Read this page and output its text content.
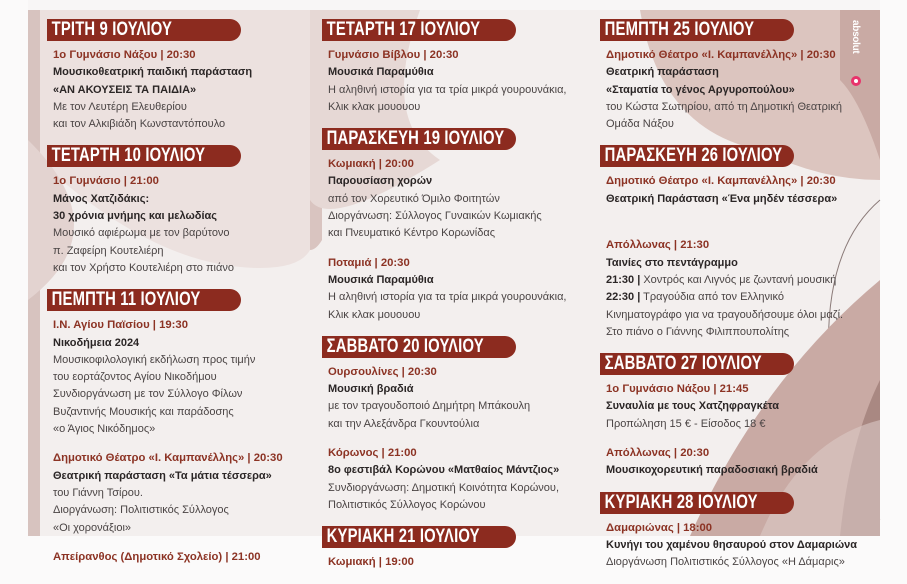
absolut
ΤΡΙΤΗ 9 ΙΟΥΛΙΟΥ
1ο Γυμνάσιο Νάξου | 20:30
Μουσικοθεατρική παιδική παράσταση
«ΑΝ ΑΚΟΥΣΕΙΣ ΤΑ ΠΑΙΔΙΑ»
Με τον Λευτέρη Ελευθερίου
και τον Αλκιβιάδη Κωνσταντόπουλο
ΤΕΤΑΡΤΗ 10 ΙΟΥΛΙΟΥ
1ο Γυμνάσιο | 21:00
Μάνος Χατζιδάκις:
30 χρόνια μνήμης και μελωδίας
Μουσικό αφιέρωμα με τον βαρύτονο
π. Ζαφείρη Κουτελιέρη
και τον Χρήστο Κουτελιέρη στο πιάνο
ΠΕΜΠΤΗ 11 ΙΟΥΛΙΟΥ
Ι.Ν. Αγίου Παϊσίου | 19:30
Νικοδήμεια 2024
Μουσικοφιλολογική εκδήλωση προς τιμήν
του εορτάζοντος Αγίου Νικοδήμου
Συνδιοργάνωση με τον Σύλλογο Φίλων
Βυζαντινής Μουσικής και παράδοσης
«ο Άγιος Νικόδημος»
Δημοτικό Θέατρο «Ι. Καμπανέλλης» | 20:30
Θεατρική παράσταση «Τα μάτια τέσσερα»
του Γιάννη Τσίρου.
Διοργάνωση: Πολιτιστικός Σύλλογος
«Οι χορονάξιοι»
Απείρανθος (Δημοτικό Σχολείο) | 21:00
ΤΕΤΑΡΤΗ 17 ΙΟΥΛΙΟΥ
Γυμνάσιο Βίβλου | 20:30
Μουσικά Παραμύθια
Η αληθινή ιστορία για τα τρία μικρά γουρουνάκια,
Κλικ κλακ μουουου
ΠΑΡΑΣΚΕΥΗ 19 ΙΟΥΛΙΟΥ
Κωμιακή | 20:00
Παρουσίαση χορών
από τον Χορευτικό Όμιλο Φοιτητών
Διοργάνωση: Σύλλογος Γυναικών Κωμιακής
και Πνευματικό Κέντρο Κορωνίδας
Ποταμιά | 20:30
Μουσικά Παραμύθια
Η αληθινή ιστορία για τα τρία μικρά γουρουνάκια,
Κλικ κλακ μουουου
ΣΑΒΒΑΤΟ 20 ΙΟΥΛΙΟΥ
Ουρσουλίνες | 20:30
Μουσική βραδιά
με τον τραγουδοποιό Δημήτρη Μπάκουλη
και την Αλεξάνδρα Γκουντούλια
Κόρωνος | 21:00
8ο φεστιβάλ Κορώνου «Ματθαίος Μάντζιος»
Συνδιοργάνωση: Δημοτική Κοινότητα Κορώνου,
Πολιτιστικός Σύλλογος Κορώνου
ΚΥΡΙΑΚΗ 21 ΙΟΥΛΙΟΥ
Κωμιακή | 19:00
ΠΕΜΠΤΗ 25 ΙΟΥΛΙΟΥ
Δημοτικό Θέατρο «Ι. Καμπανέλλης» | 20:30
Θεατρική παράσταση
«Σταματία το γένος Αργυροπούλου»
του Κώστα Σωτηρίου, από τη Δημοτική Θεατρική
Ομάδα Νάξου
ΠΑΡΑΣΚΕΥΗ 26 ΙΟΥΛΙΟΥ
Δημοτικό Θέατρο «Ι. Καμπανέλλης» | 20:30
Θεατρική Παράσταση «Ένα μηδέν τέσσερα»

Απόλλωνας | 21:30
Ταινίες στο πεντάγραμμο
21:30 | Χοντρός και Λιγνός με ζωντανή μουσική
22:30 | Τραγούδια από τον Ελληνικό
Κινηματογράφο για να τραγουδήσουμε όλοι μαζί.
Στο πιάνο ο Γιάννης Φιλιππουπολίτης
ΣΑΒΒΑΤΟ 27 ΙΟΥΛΙΟΥ
1ο Γυμνάσιο Νάξου | 21:45
Συναυλία με τους Χατζηφραγκέτα
Προπώληση 15 € - Είσοδος 18 €
Απόλλωνας | 20:30
Μουσικοχορευτική παραδοσιακή βραδιά
ΚΥΡΙΑΚΗ 28 ΙΟΥΛΙΟΥ
Δαμαριώνας | 18:00
Κυνήγι του χαμένου θησαυρού στον Δαμαριώνα
Διοργάνωση Πολιτιστικός Σύλλογος «Η Δάμαρις»
